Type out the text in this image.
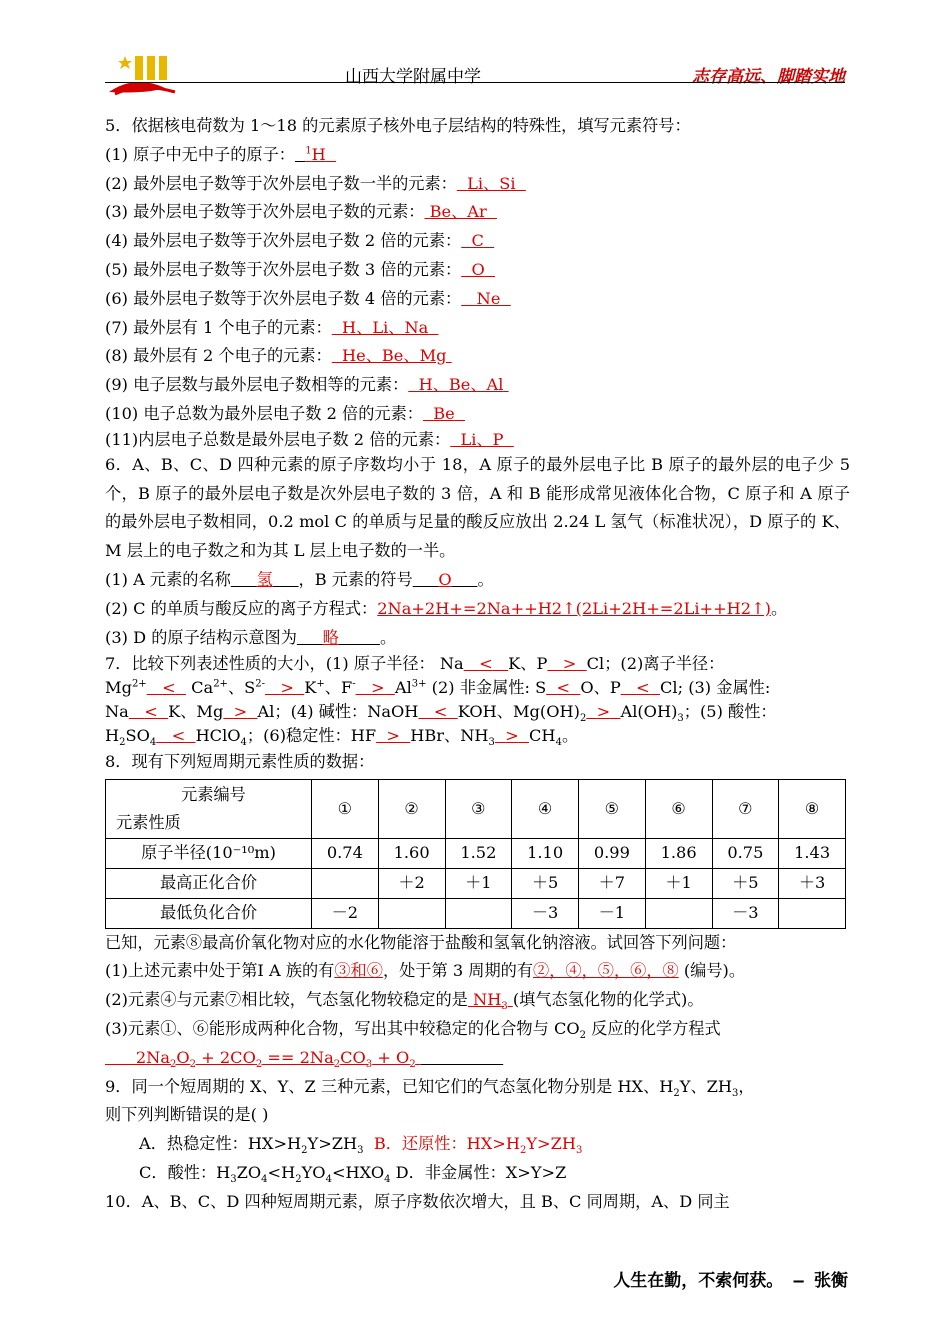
山西大学附属中学	志存高远、脚踏实地
5．依据核电荷数为 1～18 的元素原子核外电子层结构的特殊性，填写元素符号：
(1) 原子中无中子的原子： $^1$H
(2) 最外层电子数等于次外层电子数一半的元素： Li、Si
(3) 最外层电子数等于次外层电子数的元素： Be、Ar
(4) 最外层电子数等于次外层电子数 2 倍的元素： C
(5) 最外层电子数等于次外层电子数 3 倍的元素： O
(6) 最外层电子数等于次外层电子数 4 倍的元素： Ne
(7) 最外层有 1 个电子的元素： H、Li、Na
(8) 最外层有 2 个电子的元素： He、Be、Mg
(9) 电子层数与最外层电子数相等的元素： H、Be、Al
(10) 电子总数为最外层电子数 2 倍的元素： Be
(11)内层电子总数是最外层电子数 2 倍的元素： Li、P
6．A、B、C、D 四种元素的原子序数均小于 18，A 原子的最外层电子比 B 原子的最外层的电子少 5 个，B 原子的最外层电子数是次外层电子数的 3 倍，A 和 B 能形成常见液体化合物，C 原子和 A 原子的最外层电子数相同，0.2 mol C 的单质与足量的酸反应放出 2.24 L 氢气（标准状况），D 原子的 K、M 层上的电子数之和为其 L 层上电子数的一半。
(1) A 元素的名称 氢 ，B 元素的符号 O 。
(2) C 的单质与酸反应的离子方程式：2Na+2H+=2Na++H2↑(2Li+2H+=2Li++H2↑)。
(3) D 的原子结构示意图为 略	。
7．比较下列表述性质的大小，(1) 原子半径： Na < K、P > Cl；(2)离子半径：
$Mg^{2+} < Ca^{2+}$、$S^{2-} > K^+$、$F^- > Al^{3+}$ (2) 非金属性: S < O、P < Cl; (3) 金属性:
Na < K、Mg > Al；(4) 碱性：NaOH < KOH、$Mg(OH)_2 > Al(OH)_3$；(5) 酸性：
$H_2SO_4$ < HClO$_4$；(6)稳定性：HF > HBr、$NH_3 > CH_4$。
8．现有下列短周期元素性质的数据：
元素编号
元素性质	①	②	③	④	⑤	⑥	⑦	⑧
原子半径(10⁻¹⁰m)	0.74	1.60	1.52	1.10	0.99	1.86	0.75	1.43
最高正化合价		＋2	＋1	＋5	＋7	＋1	＋5	＋3
最低负化合价	－2			－3	－1		－3	
已知，元素⑧最高价氧化物对应的水化物能溶于盐酸和氢氧化钠溶液。试回答下列问题：
(1)上述元素中处于第Ⅰ A 族的有③和⑥，处于第 3 周期的有②，④，⑤，⑥，⑧ (编号)。
(2)元素④与元素⑦相比较，气态氢化物较稳定的是 $NH_3$ (填气态氢化物的化学式)。
(3)元素①、⑥能形成两种化合物，写出其中较稳定的化合物与 $CO_2$ 反应的化学方程式
$2Na_2O_2 + 2CO_2 == 2Na_2CO_3 + O_2$
9．同一个短周期的 X、Y、Z 三种元素，已知它们的气态氢化物分别是 HX、$H_2Y$、$ZH_3$，
则下列判断错误的是( )
A．热稳定性：$HX>H_2Y>ZH_3$ B．还原性：$HX>H_2Y>ZH_3$
C．酸性：$H_3ZO_4<H_2YO_4<HXO_4$ D．非金属性：X>Y>Z
10．A、B、C、D 四种短周期元素，原子序数依次增大，且 B、C 同周期，A、D 同主
人生在勤，不索何获。 — 张衡
